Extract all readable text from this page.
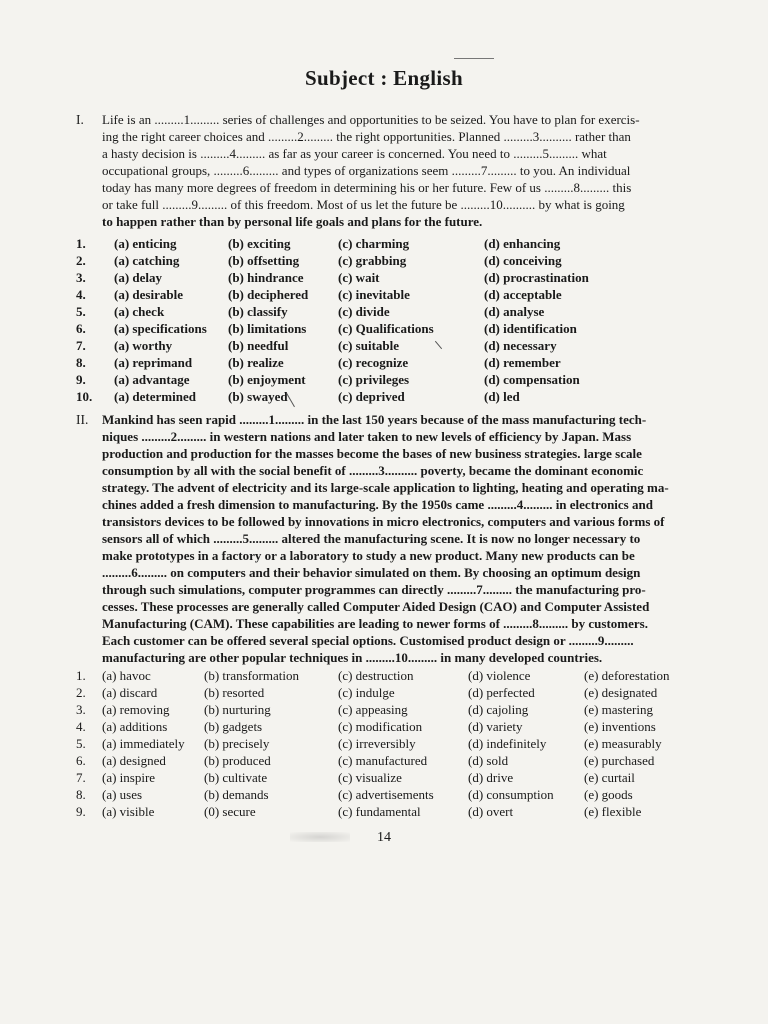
Subject : English
I. Life is an .........1......... series of challenges and opportunities to be seized. You have to plan for exercis-
ing the right career choices and .........2......... the right opportunities. Planned .........3.......... rather than
a hasty decision is .........4......... as far as your career is concerned. You need to .........5......... what
occupational groups, .........6......... and types of organizations seem .........7......... to you. An individual
today has many more degrees of freedom in determining his or her future. Few of us .........8......... this
or take full .........9......... of this freedom. Most of us let the future be .........10.......... by what is going
to happen rather than by personal life goals and plans for the future.
1. (a) enticing	(b) exciting	(c) charming	(d) enhancing
2. (a) catching	(b) offsetting	(c) grabbing	(d) conceiving
3. (a) delay	(b) hindrance	(c) wait	(d) procrastination
4. (a) desirable	(b) deciphered (c) inevitable	(d) acceptable
5. (a) check	(b) classify	(c) divide	(d) analyse
6. (a) specifications (b) limitations (c) Qualifications	(d) identification
7. (a) worthy	(b) needful	(c) suitable	(d) necessary
8. (a) reprimand	(b) realize	(c) recognize	(d) remember
9. (a) advantage	(b) enjoyment (c) privileges	(d) compensation
10. (a) determined (b) swayed	(c) deprived	(d) led
II. Mankind has seen rapid .........1......... in the last 150 years because of the mass manufacturing tech-
niques .........2......... in western nations and later taken to new levels of efficiency by Japan. Mass
production and production for the masses become the bases of new business strategies. large scale
consumption by all with the social benefit of .........3.......... poverty, became the dominant economic
strategy. The advent of electricity and its large-scale application to lighting, heating and operating ma-
chines added a fresh dimension to manufacturing. By the 1950s came .........4......... in electronics and
transistors devices to be followed by innovations in micro electronics, computers and various forms of
sensors all of which .........5......... altered the manufacturing scene. It is now no longer necessary to
make prototypes in a factory or a laboratory to study a new product. Many new products can be
.........6......... on computers and their behavior simulated on them. By choosing an optimum design
through such simulations, computer programmes can directly .........7......... the manufacturing pro-
cesses. These processes are generally called Computer Aided Design (CAO) and Computer Assisted
Manufacturing (CAM). These capabilities are leading to newer forms of .........8......... by customers.
Each customer can be offered several special options. Customised product design or .........9.........
manufacturing are other popular techniques in .........10......... in many developed countries.
1. (a) havoc	(b) transformation	(c) destruction	(d) violence	(e) deforestation
2. (a) discard	(b) resorted	(c) indulge	(d) perfected	(e) designated
3. (a) removing	(b) nurturing	(c) appeasing	(d) cajoling	(e) mastering
4. (a) additions	(b) gadgets	(c) modification	(d) variety	(e) inventions
5. (a) immediately (b) precisely	(c) irreversibly	(d) indefinitely	(e) measurably
6. (a) designed	(b) produced	(c) manufactured	(d) sold	(e) purchased
7. (a) inspire	(b) cultivate	(c) visualize	(d) drive	(e) curtail
8. (a) uses	(b) demands	(c) advertisements	(d) consumption (e) goods
9. (a) visible	(0) secure	(c) fundamental	(d) overt	(e) flexible
14
